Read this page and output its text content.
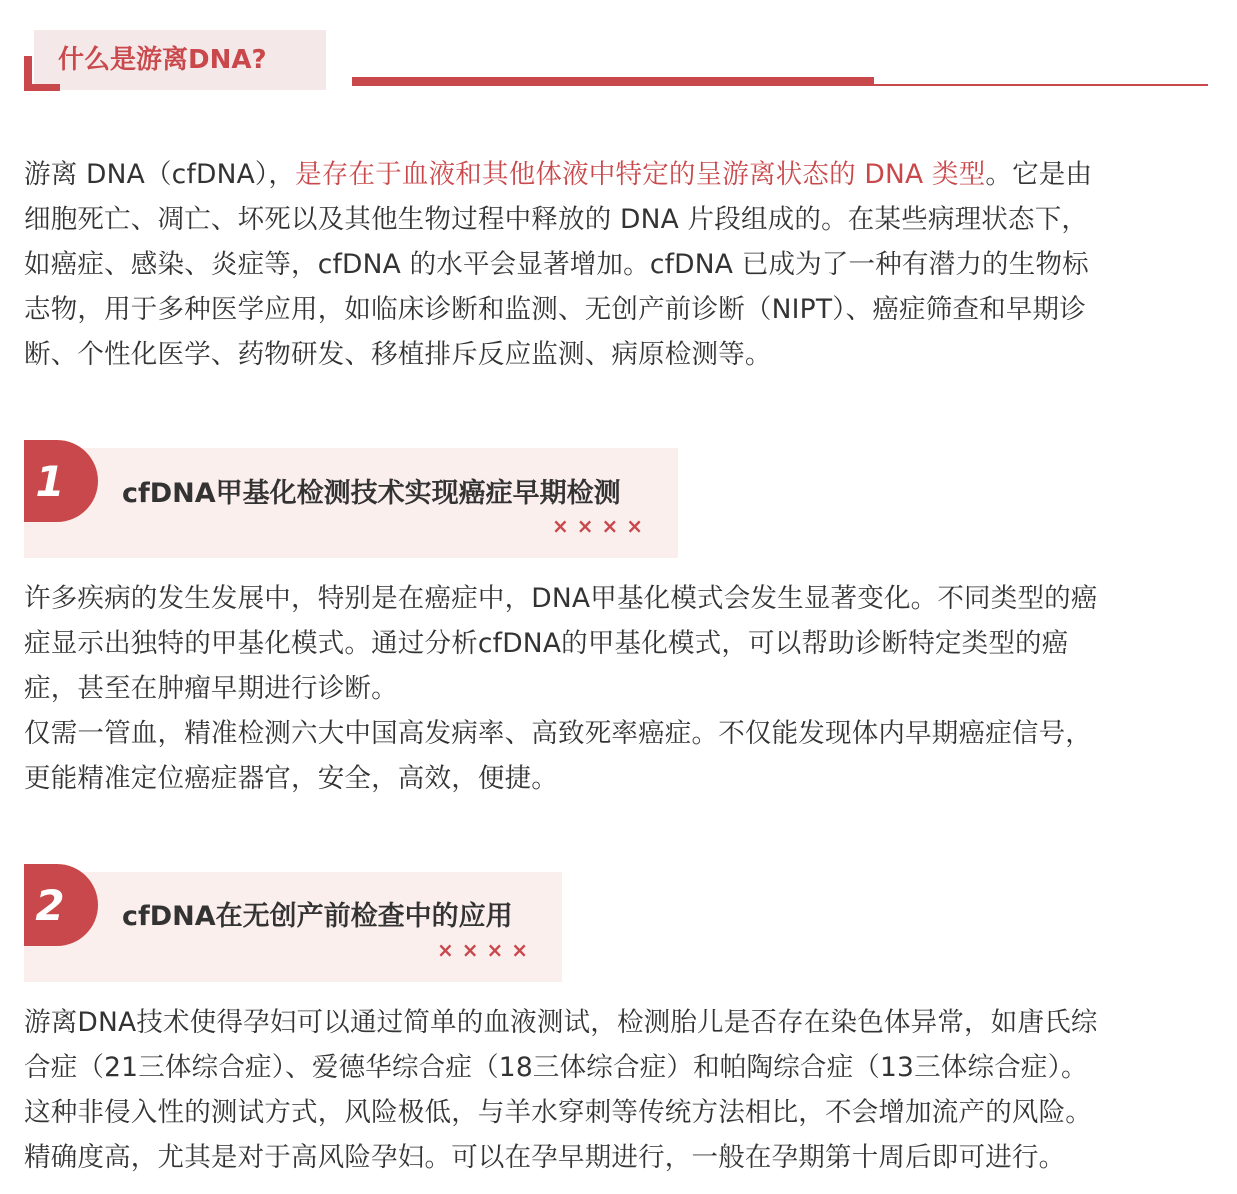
什么是游离DNA?
游离 DNA（cfDNA），是存在于血液和其他体液中特定的呈游离状态的 DNA 类型。它是由
细胞死亡、凋亡、坏死以及其他生物过程中释放的 DNA 片段组成的。在某些病理状态下，
如癌症、感染、炎症等，cfDNA 的水平会显著增加。cfDNA 已成为了一种有潜力的生物标
志物，用于多种医学应用，如临床诊断和监测、无创产前诊断（NIPT）、癌症筛查和早期诊
断、个性化医学、药物研发、移植排斥反应监测、病原检测等。
1	cfDNA甲基化检测技术实现癌症早期检测
××××
许多疾病的发生发展中，特别是在癌症中，DNA甲基化模式会发生显著变化。不同类型的癌
症显示出独特的甲基化模式。通过分析cfDNA的甲基化模式，可以帮助诊断特定类型的癌
症，甚至在肿瘤早期进行诊断。
仅需一管血，精准检测六大中国高发病率、高致死率癌症。不仅能发现体内早期癌症信号，
更能精准定位癌症器官，安全，高效，便捷。
2	cfDNA在无创产前检查中的应用
××××
游离DNA技术使得孕妇可以通过简单的血液测试，检测胎儿是否存在染色体异常，如唐氏综
合症（21三体综合症）、爱德华综合症（18三体综合症）和帕陶综合症（13三体综合症）。
这种非侵入性的测试方式，风险极低，与羊水穿刺等传统方法相比，不会增加流产的风险。
精确度高，尤其是对于高风险孕妇。可以在孕早期进行，一般在孕期第十周后即可进行。
